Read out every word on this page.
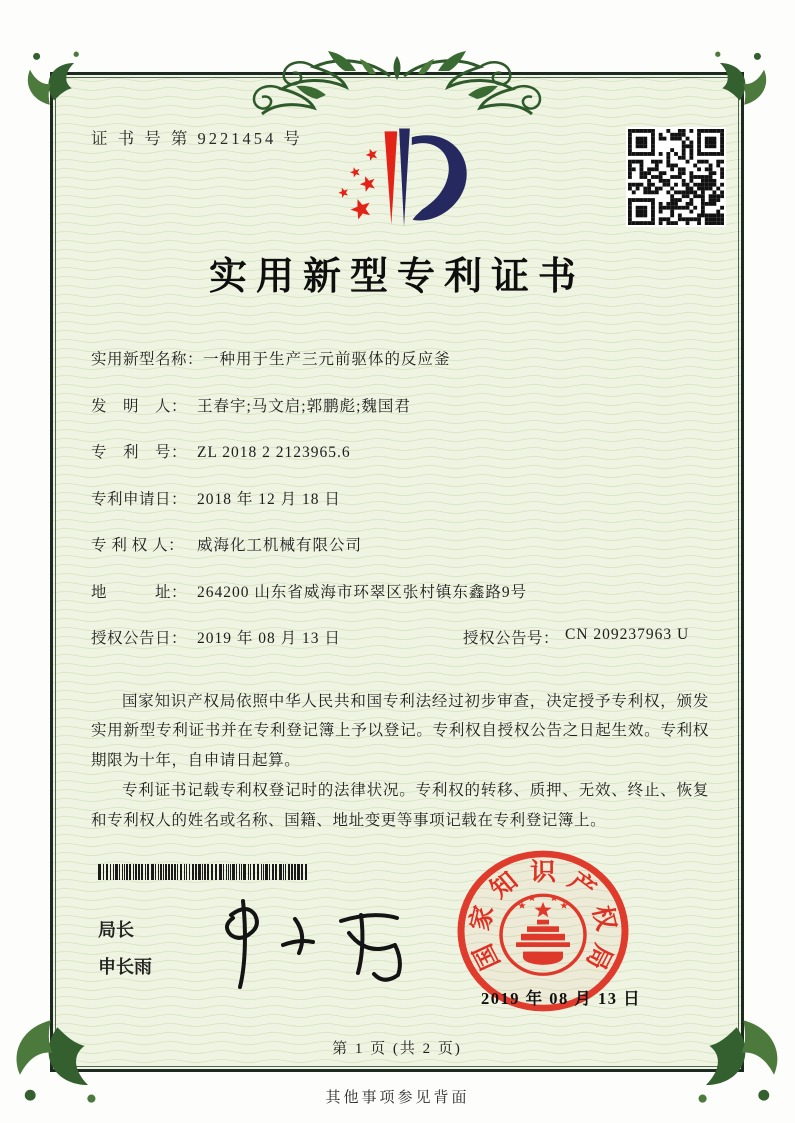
证 书 号 第 9221454 号
实用新型专利证书
实用新型名称： 一种用于生产三元前驱体的反应釜
发　明　人： 王春宇;马文启;郭鹏彪;魏国君
专　利　号： ZL 2018 2 2123965.6
专利申请日： 2018 年 12 月 18 日
专 利 权 人： 威海化工机械有限公司
地　　　址： 264200 山东省威海市环翠区张村镇东鑫路9号
授权公告日： 2019 年 08 月 13 日	授权公告号： CN 209237963 U

国家知识产权局依照中华人民共和国专利法经过初步审查，决定授予专利权，颁发实用新型专利证书并在专利登记簿上予以登记。专利权自授权公告之日起生效。专利权期限为十年，自申请日起算。

专利证书记载专利权登记时的法律状况。专利权的转移、质押、无效、终止、恢复和专利权人的姓名或名称、国籍、地址变更等事项记载在专利登记簿上。

局长
申长雨	国
家
知 识 产
权
局
2019 年 08 月 13 日
第 1 页 (共 2 页)
其他事项参见背面
